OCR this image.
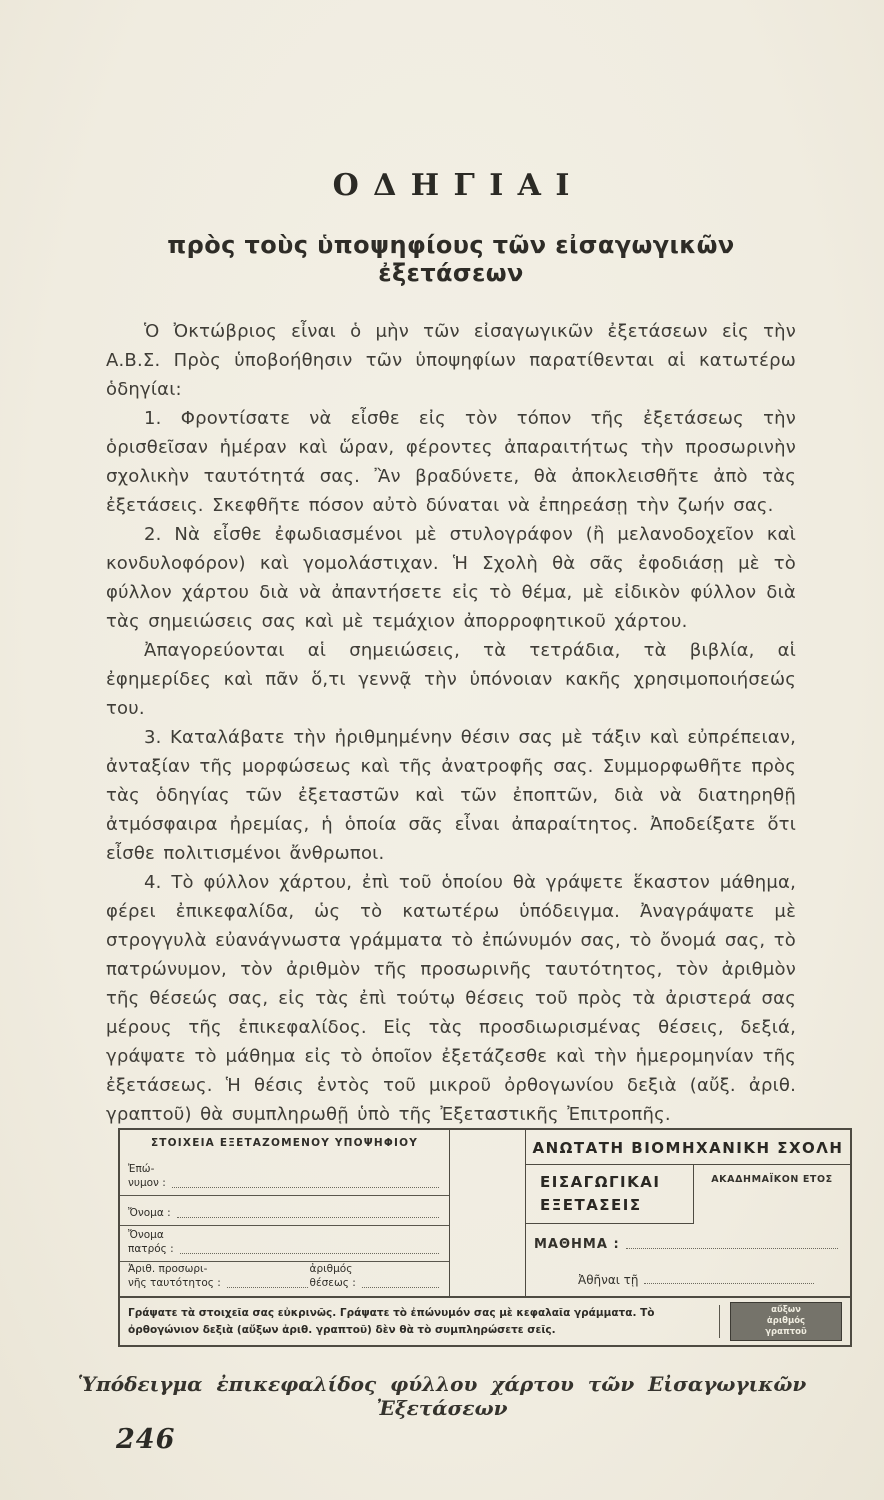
ΟΔΗΓΙΑΙ
πρὸς τοὺς ὑποψηφίους τῶν εἰσαγωγικῶν ἐξετάσεων

Ὁ Ὀκτώβριος εἶναι ὁ μὴν τῶν εἰσαγωγικῶν ἐξετάσεων εἰς τὴν Α.Β.Σ. Πρὸς ὑποβοήθησιν τῶν ὑποψηφίων παρατίθενται αἱ κατωτέρω ὁδηγίαι:

1. Φροντίσατε νὰ εἶσθε εἰς τὸν τόπον τῆς ἐξετάσεως τὴν ὁρισθεῖσαν ἡμέραν καὶ ὥραν, φέροντες ἀπαραιτήτως τὴν προσωρινὴν σχολικὴν ταυτότητά σας. Ἂν βραδύνετε, θὰ ἀποκλεισθῆτε ἀπὸ τὰς ἐξετάσεις. Σκεφθῆτε πόσον αὐτὸ δύναται νὰ ἐπηρεάσῃ τὴν ζωήν σας.

2. Νὰ εἶσθε ἐφωδιασμένοι μὲ στυλογράφον (ἢ μελανοδοχεῖον καὶ κονδυλοφόρον) καὶ γομολάστιχαν. Ἡ Σχολὴ θὰ σᾶς ἐφοδιάσῃ μὲ τὸ φύλλον χάρτου διὰ νὰ ἀπαντήσετε εἰς τὸ θέμα, μὲ εἰδικὸν φύλλον διὰ τὰς σημειώσεις σας καὶ μὲ τεμάχιον ἀπορροφητικοῦ χάρτου.

Ἀπαγορεύονται αἱ σημειώσεις, τὰ τετράδια, τὰ βιβλία, αἱ ἐφημερίδες καὶ πᾶν ὅ,τι γεννᾷ τὴν ὑπόνοιαν κακῆς χρησιμοποιήσεώς του.

3. Καταλάβατε τὴν ἠριθμημένην θέσιν σας μὲ τάξιν καὶ εὐπρέπειαν, ἀνταξίαν τῆς μορφώσεως καὶ τῆς ἀνατροφῆς σας. Συμμορφωθῆτε πρὸς τὰς ὁδηγίας τῶν ἐξεταστῶν καὶ τῶν ἐποπτῶν, διὰ νὰ διατηρηθῇ ἀτμόσφαιρα ἠρεμίας, ἡ ὁποία σᾶς εἶναι ἀπαραίτητος. Ἀποδείξατε ὅτι εἶσθε πολιτισμένοι ἄνθρωποι.

4. Τὸ φύλλον χάρτου, ἐπὶ τοῦ ὁποίου θὰ γράψετε ἕκαστον μάθημα, φέρει ἐπικεφαλίδα, ὡς τὸ κατωτέρω ὑπόδειγμα. Ἀναγράψατε μὲ στρογγυλὰ εὐανάγνωστα γράμματα τὸ ἐπώνυμόν σας, τὸ ὄνομά σας, τὸ πατρώνυμον, τὸν ἀριθμὸν τῆς προσωρινῆς ταυτότητος, τὸν ἀριθμὸν τῆς θέσεώς σας, εἰς τὰς ἐπὶ τούτῳ θέσεις τοῦ πρὸς τὰ ἀριστερά σας μέρους τῆς ἐπικεφαλίδος. Εἰς τὰς προσδιωρισμένας θέσεις, δεξιά, γράψατε τὸ μάθημα εἰς τὸ ὁποῖον ἐξετάζεσθε καὶ τὴν ἡμερομηνίαν τῆς ἐξετάσεως. Ἡ θέσις ἐντὸς τοῦ μικροῦ ὀρθογωνίου δεξιὰ (αὔξ. ἀριθ. γραπτοῦ) θὰ συμπληρωθῇ ὑπὸ τῆς Ἐξεταστικῆς Ἐπιτροπῆς.

ΣΤΟΙΧΕΙΑ ΕΞΕΤΑΖΟΜΕΝΟΥ ΥΠΟΨΗΦΙΟΥ
Ἐπώ-
νυμον :
Ὄνομα :
Ὄνομα
πατρός :
Ἀριθ. προσωρι-
νῆς ταυτότητος :
ἀριθμός
θέσεως :
ΑΝΩΤΑΤΗ ΒΙΟΜΗΧΑΝΙΚΗ ΣΧΟΛΗ
ΕΙΣΑΓΩΓΙΚΑΙ
ΕΞΕΤΑΣΕΙΣ
ΑΚΑΔΗΜΑΪΚΟΝ ΕΤΟΣ
ΜΑΘΗΜΑ :
Ἀθῆναι τῇ
Γράψατε τὰ στοιχεῖα σας εὐκρινῶς. Γράψατε τὸ ἐπώνυμόν σας μὲ κεφαλαῖα γράμματα. Τὸ ὀρθογώνιον δεξιὰ (αὔξων ἀριθ. γραπτοῦ) δὲν θὰ τὸ συμπληρώσετε σεῖς.
αὔξων
ἀριθμός
γραπτοῦ
Ὑπόδειγμα ἐπικεφαλίδος φύλλου χάρτου τῶν Εἰσαγωγικῶν Ἐξετάσεων
246
